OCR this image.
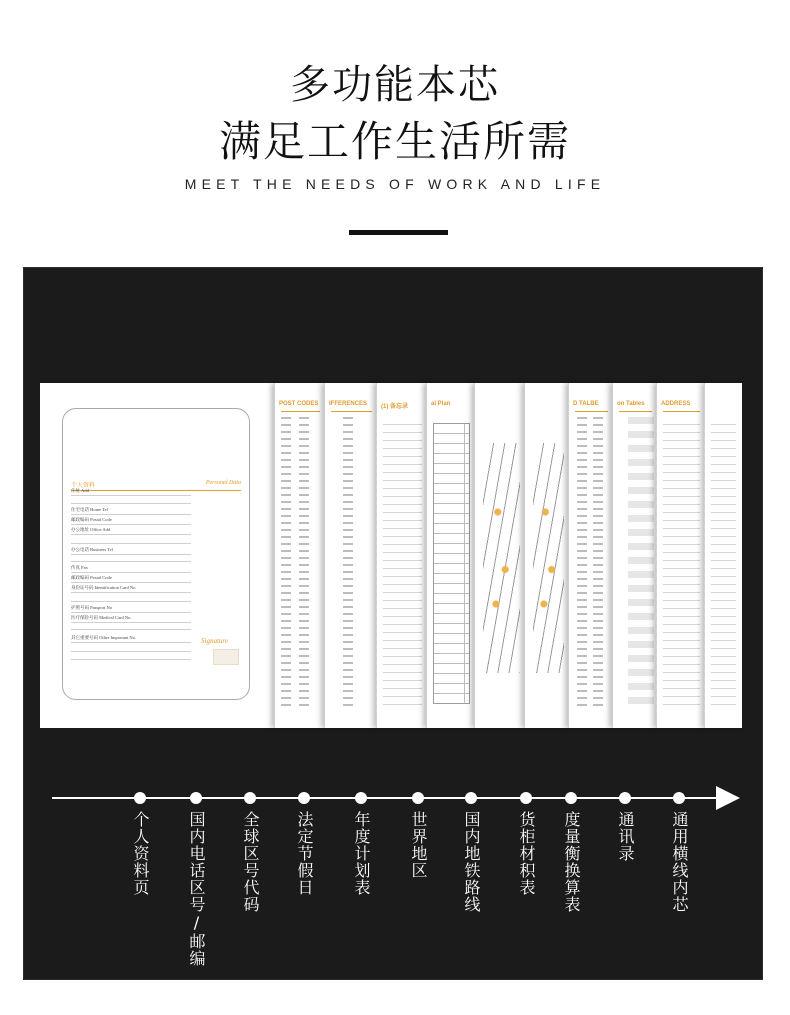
多功能本芯
满足工作生活所需
MEET THE NEEDS OF WORK AND LIFE
个人资料	Personal Data
住址 Add
住宅电话 Home Tel
邮政编码 Postal Code
办公地址 Office Add
办公电话 Business Tel
传真 Fax
邮政编码 Postal Code
身份证号码 Identification Card No.
护照号码 Passport No
医疗保险号码 Medical Card No.
其它重要号码 Other Important No.	Signature
POST CODES IFFERENCES (1) 备忘录	al Plan	D TALBE	on Tables	ADDRESS
个人资料页 国内电话区号/邮编 全球区号代码 法定节假日 年度计划表 世界地区 国内地铁路线 货柜材积表 度量衡换算表 通讯录 通用横线内芯
